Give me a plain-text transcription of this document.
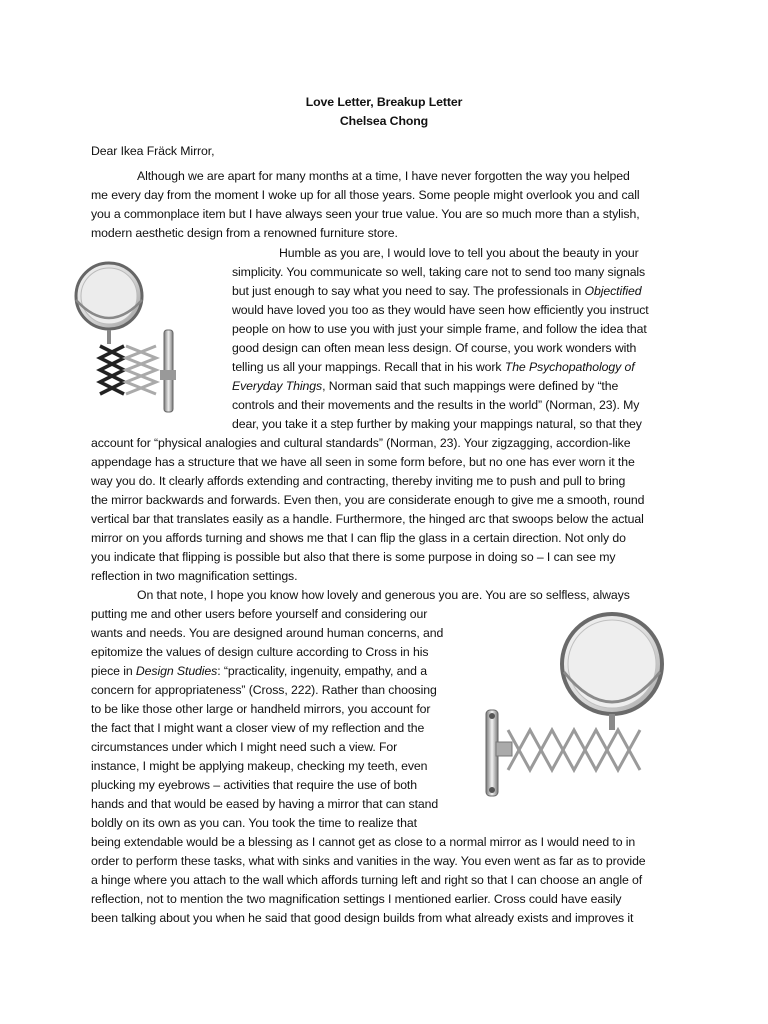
Love Letter, Breakup Letter
Chelsea Chong
Dear Ikea Fräck Mirror,
Although we are apart for many months at a time, I have never forgotten the way you helped
me every day from the moment I woke up for all those years. Some people might overlook you and call
you a commonplace item but I have always seen your true value. You are so much more than a stylish,
modern aesthetic design from a renowned furniture store.
Humble as you are, I would love to tell you about the beauty in your
simplicity. You communicate so well, taking care not to send too many signals
but just enough to say what you need to say. The professionals in Objectified
would have loved you too as they would have seen how efficiently you instruct
people on how to use you with just your simple frame, and follow the idea that
good design can often mean less design. Of course, you work wonders with
telling us all your mappings. Recall that in his work The Psychopathology of
Everyday Things, Norman said that such mappings were defined by “the
controls and their movements and the results in the world” (Norman, 23). My
dear, you take it a step further by making your mappings natural, so that they
account for “physical analogies and cultural standards” (Norman, 23). Your zigzagging, accordion-like
appendage has a structure that we have all seen in some form before, but no one has ever worn it the
way you do. It clearly affords extending and contracting, thereby inviting me to push and pull to bring
the mirror backwards and forwards. Even then, you are considerate enough to give me a smooth, round
vertical bar that translates easily as a handle. Furthermore, the hinged arc that swoops below the actual
mirror on you affords turning and shows me that I can flip the glass in a certain direction. Not only do
you indicate that flipping is possible but also that there is some purpose in doing so – I can see my
reflection in two magnification settings.
On that note, I hope you know how lovely and generous you are. You are so selfless, always
putting me and other users before yourself and considering our
wants and needs. You are designed around human concerns, and
epitomize the values of design culture according to Cross in his
piece in Design Studies: “practicality, ingenuity, empathy, and a
concern for appropriateness” (Cross, 222). Rather than choosing
to be like those other large or handheld mirrors, you account for
the fact that I might want a closer view of my reflection and the
circumstances under which I might need such a view. For
instance, I might be applying makeup, checking my teeth, even
plucking my eyebrows – activities that require the use of both
hands and that would be eased by having a mirror that can stand
boldly on its own as you can. You took the time to realize that
being extendable would be a blessing as I cannot get as close to a normal mirror as I would need to in
order to perform these tasks, what with sinks and vanities in the way. You even went as far as to provide
a hinge where you attach to the wall which affords turning left and right so that I can choose an angle of
reflection, not to mention the two magnification settings I mentioned earlier. Cross could have easily
been talking about you when he said that good design builds from what already exists and improves it
